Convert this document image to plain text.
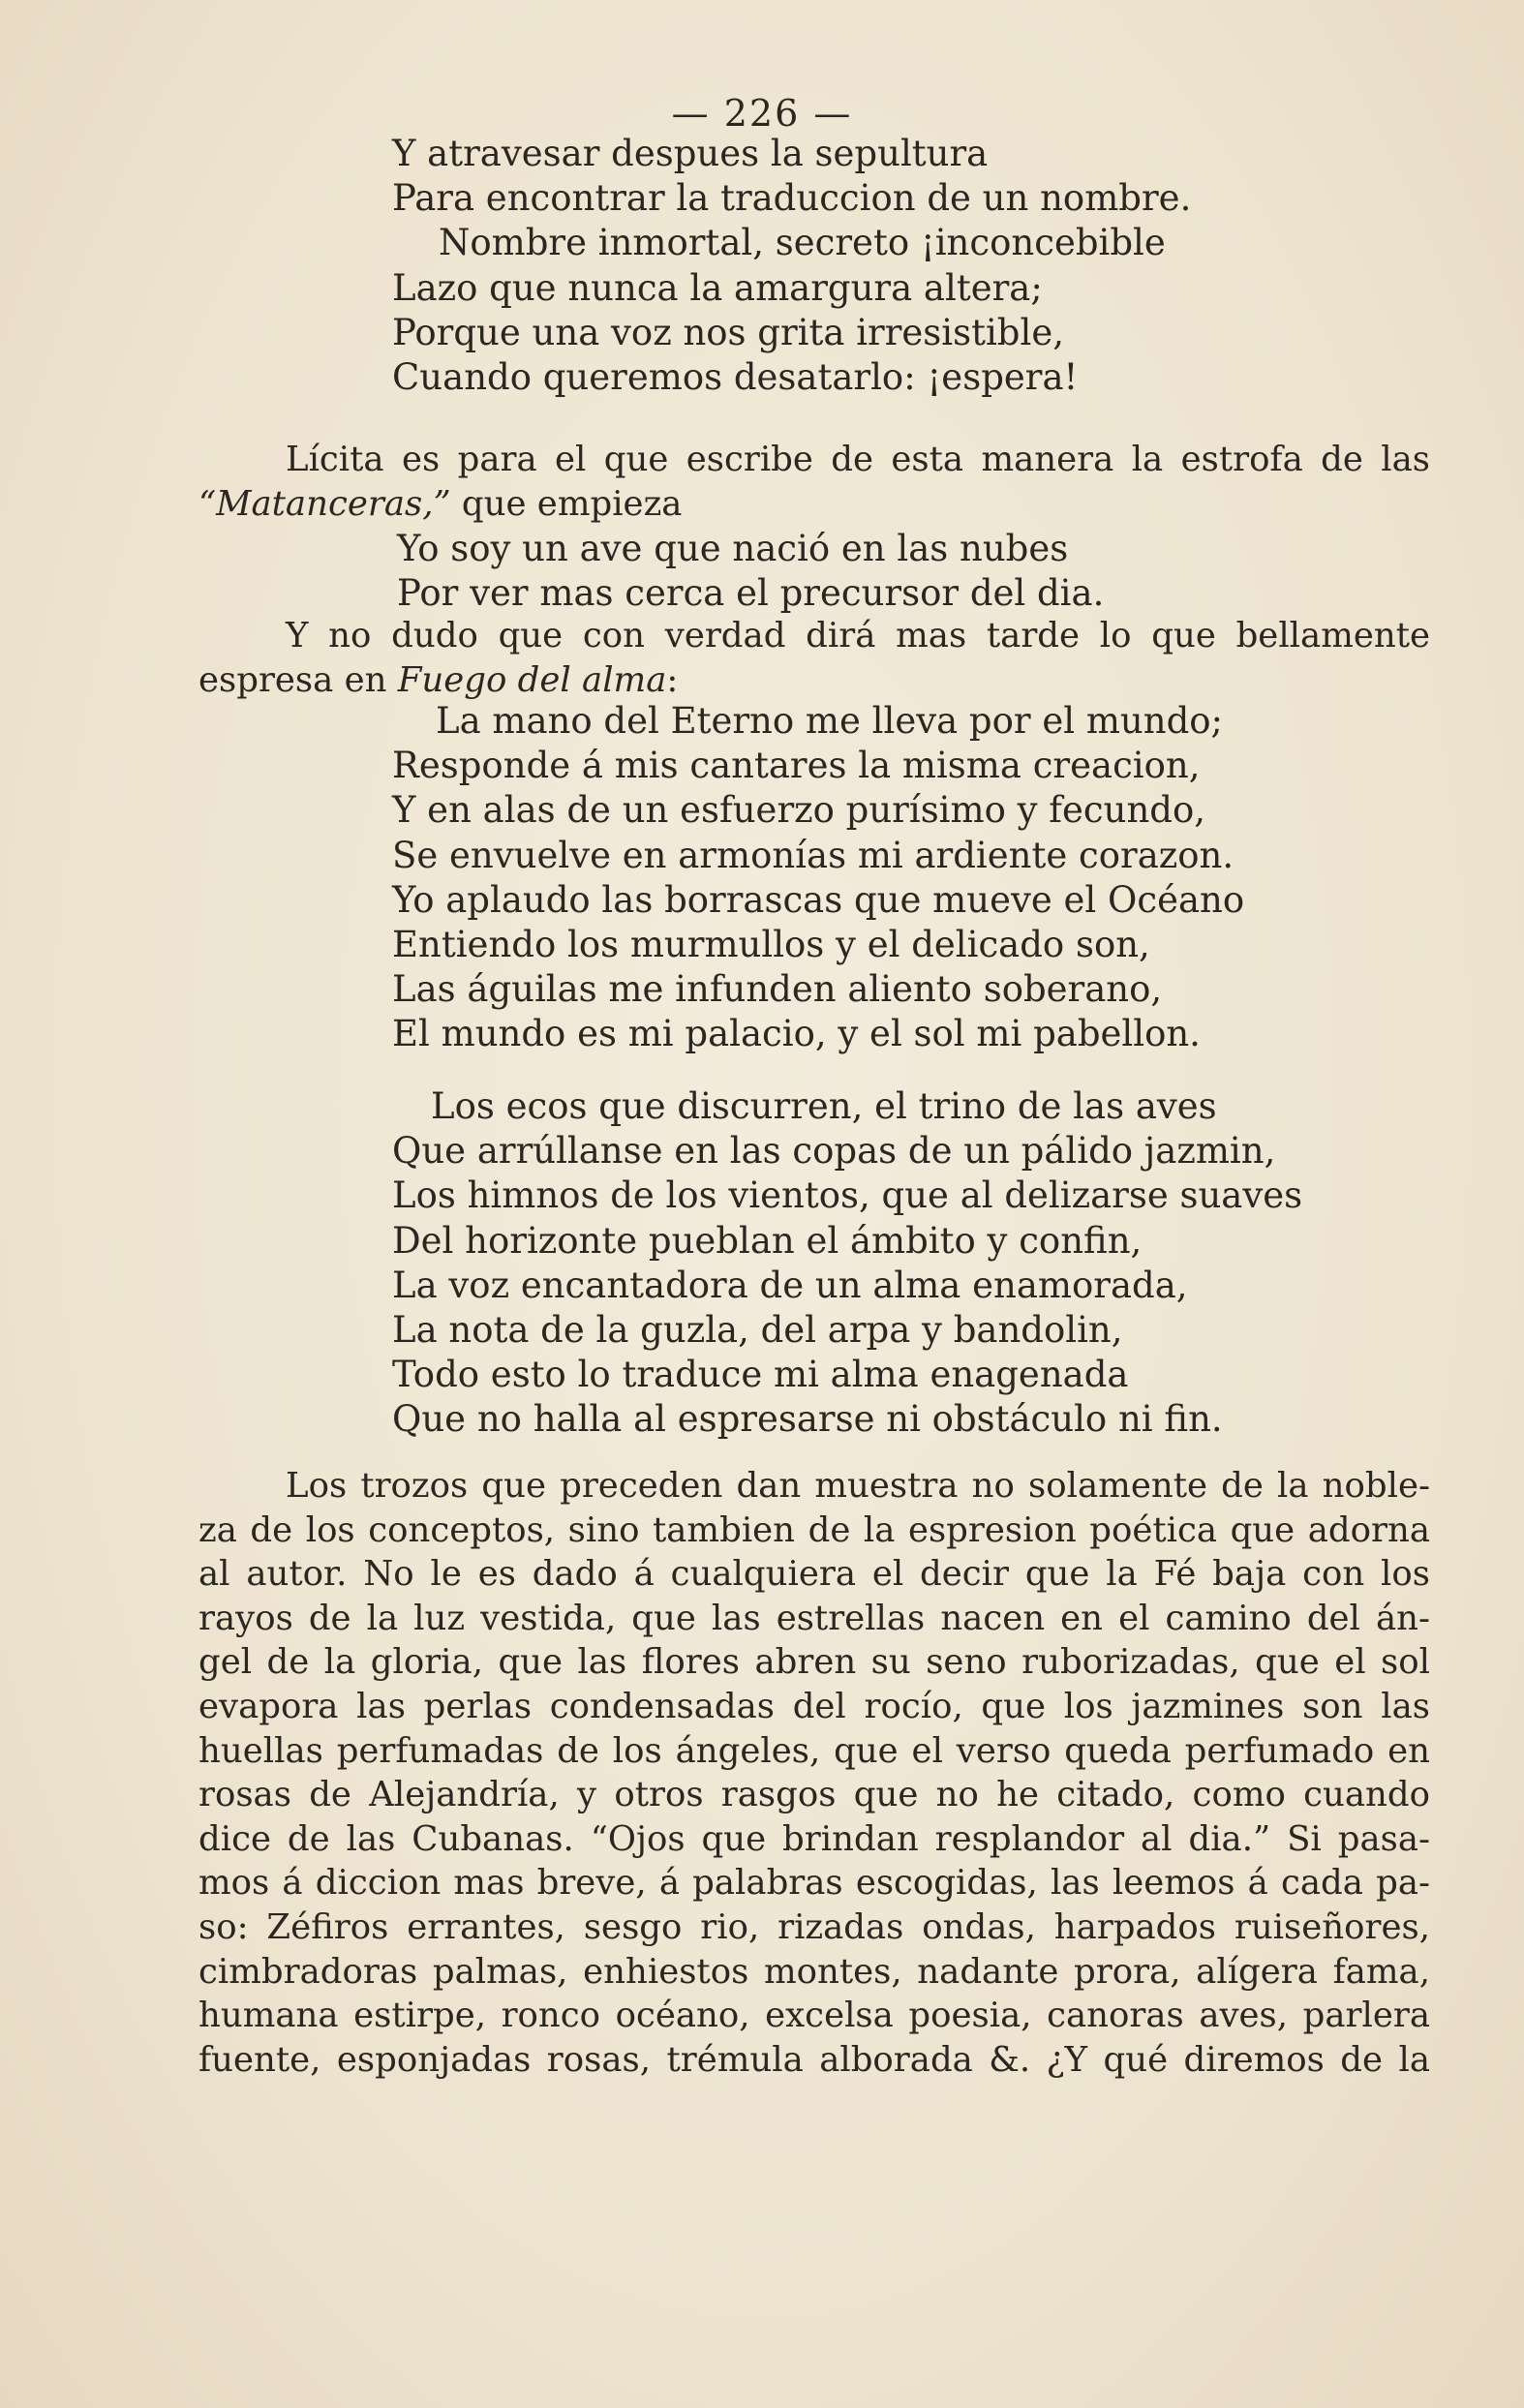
— 226 —
Y atravesar despues la sepultura
Para encontrar la traduccion de un nombre.
Nombre inmortal, secreto ¡inconcebible
Lazo que nunca la amargura altera;
Porque una voz nos grita irresistible,
Cuando queremos desatarlo: ¡espera!
Lícita es para el que escribe de esta manera la estrofa de las
“Matanceras,” que empieza
Yo soy un ave que nació en las nubes
Por ver mas cerca el precursor del dia.
Y no dudo que con verdad dirá mas tarde lo que bellamente
espresa en Fuego del alma:
La mano del Eterno me lleva por el mundo;
Responde á mis cantares la misma creacion,
Y en alas de un esfuerzo purísimo y fecundo,
Se envuelve en armonías mi ardiente corazon.
Yo aplaudo las borrascas que mueve el Océano
Entiendo los murmullos y el delicado son,
Las águilas me infunden aliento soberano,
El mundo es mi palacio, y el sol mi pabellon.
Los ecos que discurren, el trino de las aves
Que arrúllanse en las copas de un pálido jazmin,
Los himnos de los vientos, que al delizarse suaves
Del horizonte pueblan el ámbito y confin,
La voz encantadora de un alma enamorada,
La nota de la guzla, del arpa y bandolin,
Todo esto lo traduce mi alma enagenada
Que no halla al espresarse ni obstáculo ni fin.
Los trozos que preceden dan muestra no solamente de la noble-
za de los conceptos, sino tambien de la espresion poética que adorna
al autor. No le es dado á cualquiera el decir que la Fé baja con los
rayos de la luz vestida, que las estrellas nacen en el camino del án-
gel de la gloria, que las flores abren su seno ruborizadas, que el sol
evapora las perlas condensadas del rocío, que los jazmines son las
huellas perfumadas de los ángeles, que el verso queda perfumado en
rosas de Alejandría, y otros rasgos que no he citado, como cuando
dice de las Cubanas. “Ojos que brindan resplandor al dia.” Si pasa-
mos á diccion mas breve, á palabras escogidas, las leemos á cada pa-
so: Zéfiros errantes, sesgo rio, rizadas ondas, harpados ruiseñores,
cimbradoras palmas, enhiestos montes, nadante prora, alígera fama,
humana estirpe, ronco océano, excelsa poesia, canoras aves, parlera
fuente, esponjadas rosas, trémula alborada &. ¿Y qué diremos de la
